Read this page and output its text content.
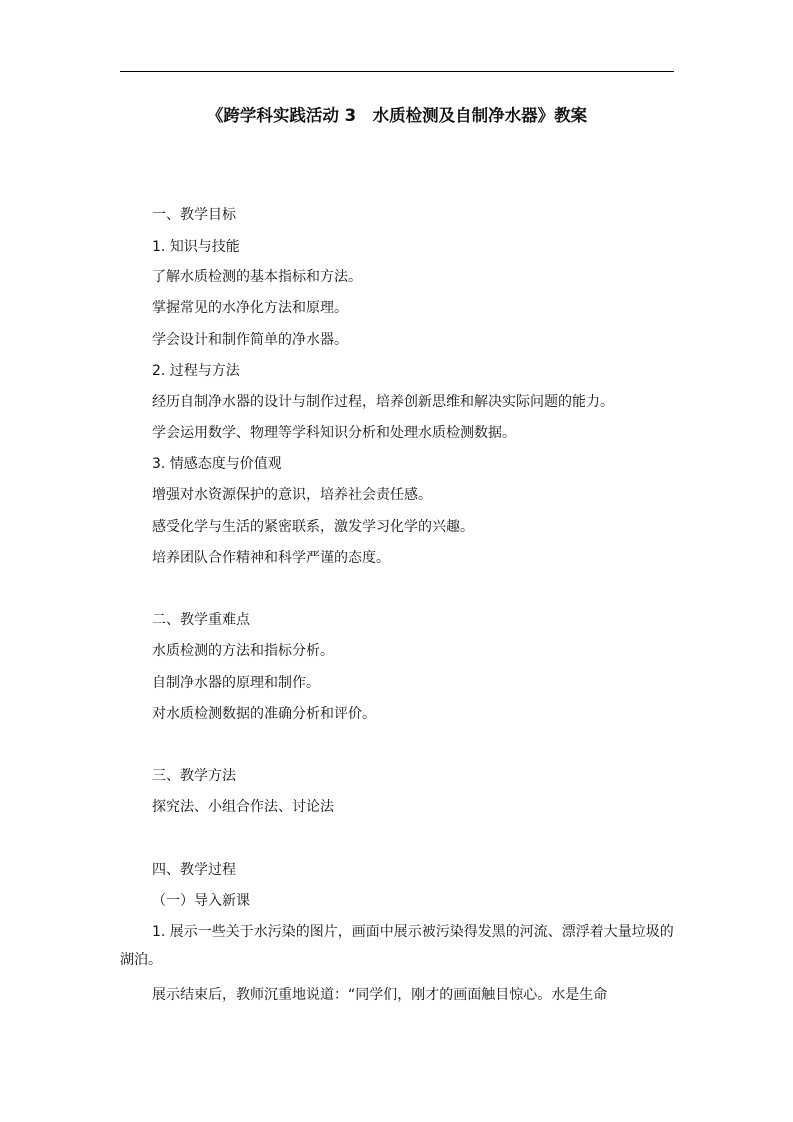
《跨学科实践活动 3　水质检测及自制净水器》教案
一、教学目标
1. 知识与技能
了解水质检测的基本指标和方法。
掌握常见的水净化方法和原理。
学会设计和制作简单的净水器。
2. 过程与方法
经历自制净水器的设计与制作过程，培养创新思维和解决实际问题的能力。
学会运用数学、物理等学科知识分析和处理水质检测数据。
3. 情感态度与价值观
增强对水资源保护的意识，培养社会责任感。
感受化学与生活的紧密联系，激发学习化学的兴趣。
培养团队合作精神和科学严谨的态度。
二、教学重难点
水质检测的方法和指标分析。
自制净水器的原理和制作。
对水质检测数据的准确分析和评价。
三、教学方法
探究法、小组合作法、讨论法
四、教学过程
（一）导入新课
1. 展示一些关于水污染的图片，画面中展示被污染得发黑的河流、漂浮着大量垃圾的湖泊。
展示结束后，教师沉重地说道：“同学们，刚才的画面触目惊心。水是生命
